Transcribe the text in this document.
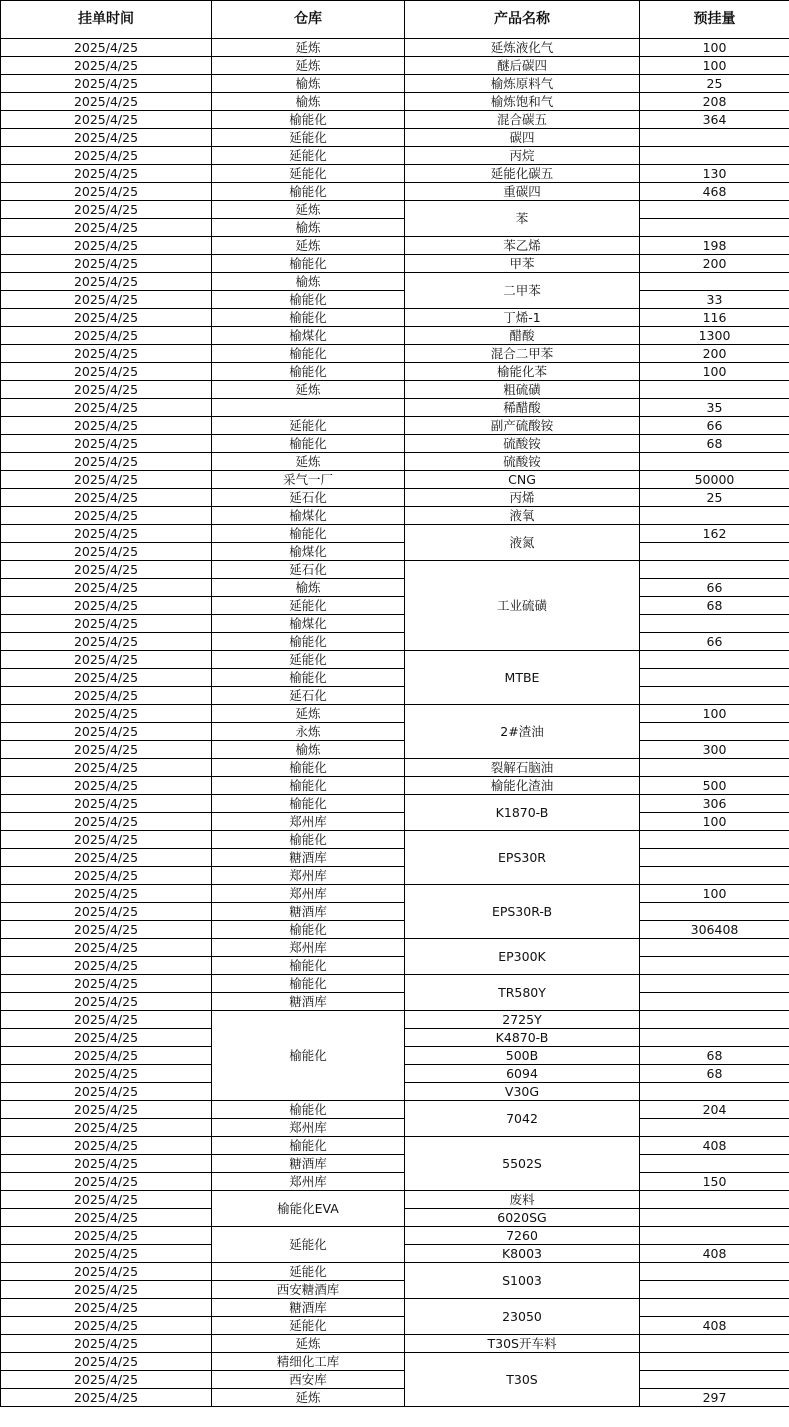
挂单时间	仓库	产品名称	预挂量
2025/4/25	延炼	延炼液化气	100
2025/4/25	延炼	醚后碳四	100
2025/4/25	榆炼	榆炼原料气	25
2025/4/25	榆炼	榆炼饱和气	208
2025/4/25	榆能化	混合碳五	364
2025/4/25	延能化	碳四	
2025/4/25	延能化	丙烷	
2025/4/25	延能化	延能化碳五	130
2025/4/25	榆能化	重碳四	468
2025/4/25	延炼	苯	
2025/4/25	榆炼		
2025/4/25	延炼	苯乙烯	198
2025/4/25	榆能化	甲苯	200
2025/4/25	榆炼	二甲苯	
2025/4/25	榆能化		33
2025/4/25	榆能化	丁烯-1	116
2025/4/25	榆煤化	醋酸	1300
2025/4/25	榆能化	混合二甲苯	200
2025/4/25	榆能化	榆能化苯	100
2025/4/25	延炼	粗硫磺	
2025/4/25		稀醋酸	35
2025/4/25	延能化	副产硫酸铵	66
2025/4/25	榆能化	硫酸铵	68
2025/4/25	延炼	硫酸铵	
2025/4/25	采气一厂	CNG	50000
2025/4/25	延石化	丙烯	25
2025/4/25	榆煤化	液氧	
2025/4/25	榆能化	液氮	162
2025/4/25	榆煤化		
2025/4/25	延石化	工业硫磺	
2025/4/25	榆炼		66
2025/4/25	延能化		68
2025/4/25	榆煤化		
2025/4/25	榆能化		66
2025/4/25	延能化	MTBE	
2025/4/25	榆能化		
2025/4/25	延石化		
2025/4/25	延炼	2#渣油	100
2025/4/25	永炼		
2025/4/25	榆炼		300
2025/4/25	榆能化	裂解石脑油	
2025/4/25	榆能化	榆能化渣油	500
2025/4/25	榆能化	K1870-B	306
2025/4/25	郑州库		100
2025/4/25	榆能化	EPS30R	
2025/4/25	糖酒库		
2025/4/25	郑州库		
2025/4/25	郑州库	EPS30R-B	100
2025/4/25	糖酒库		
2025/4/25	榆能化		306408
2025/4/25	郑州库	EP300K	
2025/4/25	榆能化		
2025/4/25	榆能化	TR580Y	
2025/4/25	糖酒库		
2025/4/25	榆能化	2725Y	
2025/4/25		K4870-B	
2025/4/25		500B	68
2025/4/25		6094	68
2025/4/25		V30G	
2025/4/25	榆能化	7042	204
2025/4/25	郑州库		
2025/4/25	榆能化	5502S	408
2025/4/25	糖酒库		
2025/4/25	郑州库		150
2025/4/25	榆能化EVA	废料	
2025/4/25		6020SG	
2025/4/25	延能化	7260	
2025/4/25		K8003	408
2025/4/25	延能化	S1003	
2025/4/25	西安糖酒库		
2025/4/25	糖酒库	23050	
2025/4/25	延能化		408
2025/4/25	延炼	T30S开车料	
2025/4/25	精细化工库	T30S	
2025/4/25	西安库		
2025/4/25	延炼		297
